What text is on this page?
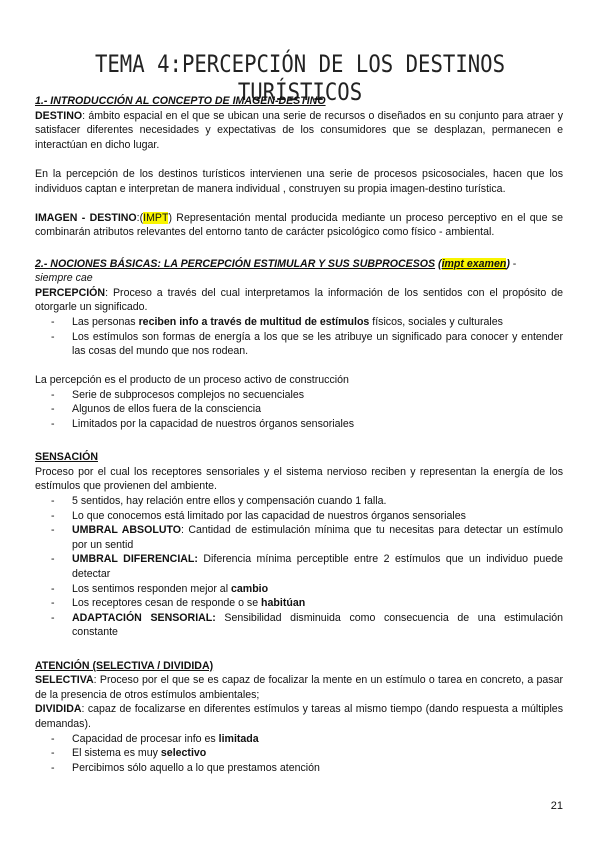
TEMA 4:PERCEPCIÓN DE LOS DESTINOS TURÍSTICOS

1.- INTRODUCCIÓN AL CONCEPTO DE IMAGEN-DESTINO

DESTINO: ámbito espacial en el que se ubican una serie de recursos o diseñados en su conjunto para atraer y satisfacer diferentes necesidades y expectativas de los consumidores que se desplazan, permanecen e interactúan en dicho lugar.

En la percepción de los destinos turísticos intervienen una serie de procesos psicosociales, hacen que los individuos captan e interpretan de manera individual , construyen su propia imagen-destino turística.

IMAGEN - DESTINO:(IMPT) Representación mental producida mediante un proceso perceptivo en el que se combinarán atributos relevantes del entorno tanto de carácter psicológico como físico - ambiental.

2.- NOCIONES BÁSICAS: LA PERCEPCIÓN ESTIMULAR Y SUS SUBPROCESOS (impt examen) -

siempre cae

PERCEPCIÓN: Proceso a través del cual interpretamos la información de los sentidos con el propósito de otorgarle un significado.

- Las personas reciben info a través de multitud de estímulos físicos, sociales y culturales
- Los estímulos son formas de energía a los que se les atribuye un significado para conocer y entender las cosas del mundo que nos rodean.

La percepción es el producto de un proceso activo de construcción

- Serie de subprocesos complejos no secuenciales
- Algunos de ellos fuera de la consciencia
- Limitados por la capacidad de nuestros órganos sensoriales

SENSACIÓN

Proceso por el cual los receptores sensoriales y el sistema nervioso reciben y representan la energía de los estímulos que provienen del ambiente.

- 5 sentidos, hay relación entre ellos y compensación cuando 1 falla.
- Lo que conocemos está limitado por las capacidad de nuestros órganos sensoriales
- UMBRAL ABSOLUTO: Cantidad de estimulación mínima que tu necesitas para detectar un estímulo por un sentid
- UMBRAL DIFERENCIAL: Diferencia mínima perceptible entre 2 estímulos que un individuo puede detectar
- Los sentimos responden mejor al cambio
- Los receptores cesan de responde o se habitúan
- ADAPTACIÓN SENSORIAL: Sensibilidad disminuida como consecuencia de una estimulación constante

ATENCIÓN (SELECTIVA / DIVIDIDA)

SELECTIVA: Proceso por el que se es capaz de focalizar la mente en un estímulo o tarea en concreto, a pasar de la presencia de otros estímulos ambientales;

DIVIDIDA: capaz de focalizarse en diferentes estímulos y tareas al mismo tiempo (dando respuesta a múltiples demandas).

- Capacidad de procesar info es limitada
- El sistema es muy selectivo
- Percibimos sólo aquello a lo que prestamos atención
21
